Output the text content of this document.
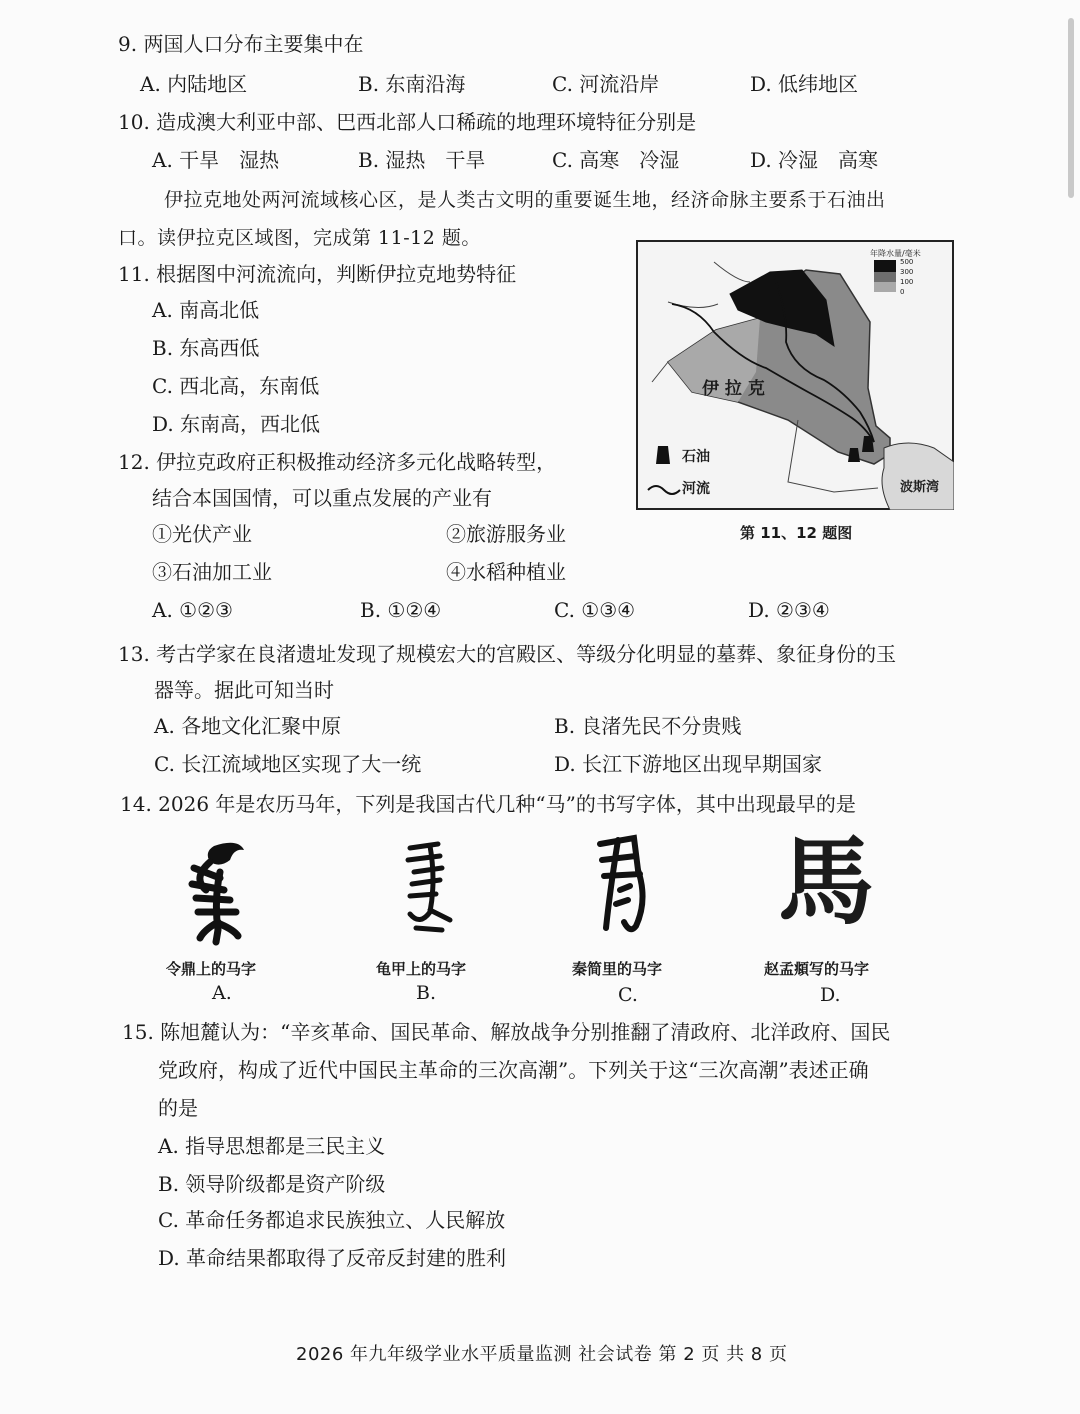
9. 两国人口分布主要集中在
A. 内陆地区	B. 东南沿海	C. 河流沿岸	D. 低纬地区
10. 造成澳大利亚中部、巴西北部人口稀疏的地理环境特征分别是
A. 干旱　湿热	B. 湿热　干旱	C. 高寒　冷湿	D. 冷湿　高寒
伊拉克地处两河流域核心区，是人类古文明的重要诞生地，经济命脉主要系于石油出
口。读伊拉克区域图，完成第 11-12 题。
11. 根据图中河流流向，判断伊拉克地势特征
A. 南高北低
B. 东高西低
C. 西北高，东南低
D. 东南高，西北低
年降水量/毫米
500
300
100
0
伊 拉 克
石油
河流	波斯湾
第 11、12 题图
12. 伊拉克政府正积极推动经济多元化战略转型，
结合本国国情，可以重点发展的产业有
①光伏产业	②旅游服务业
③石油加工业	④水稻种植业
A. ①②③	B. ①②④	C. ①③④	D. ②③④
13. 考古学家在良渚遗址发现了规模宏大的宫殿区、等级分化明显的墓葬、象征身份的玉
器等。据此可知当时
A. 各地文化汇聚中原	B. 良渚先民不分贵贱
C. 长江流域地区实现了大一统	D. 长江下游地区出现早期国家
14. 2026 年是农历马年，下列是我国古代几种“马”的书写字体，其中出现最早的是
馬
令鼎上的马字
A.
龟甲上的马字
B.
秦简里的马字
C.
赵孟頫写的马字
D.
15. 陈旭麓认为：“辛亥革命、国民革命、解放战争分别推翻了清政府、北洋政府、国民
党政府，构成了近代中国民主革命的三次高潮”。下列关于这“三次高潮”表述正确
的是
A. 指导思想都是三民主义
B. 领导阶级都是资产阶级
C. 革命任务都追求民族独立、人民解放
D. 革命结果都取得了反帝反封建的胜利
2026 年九年级学业水平质量监测 社会试卷 第 2 页 共 8 页
